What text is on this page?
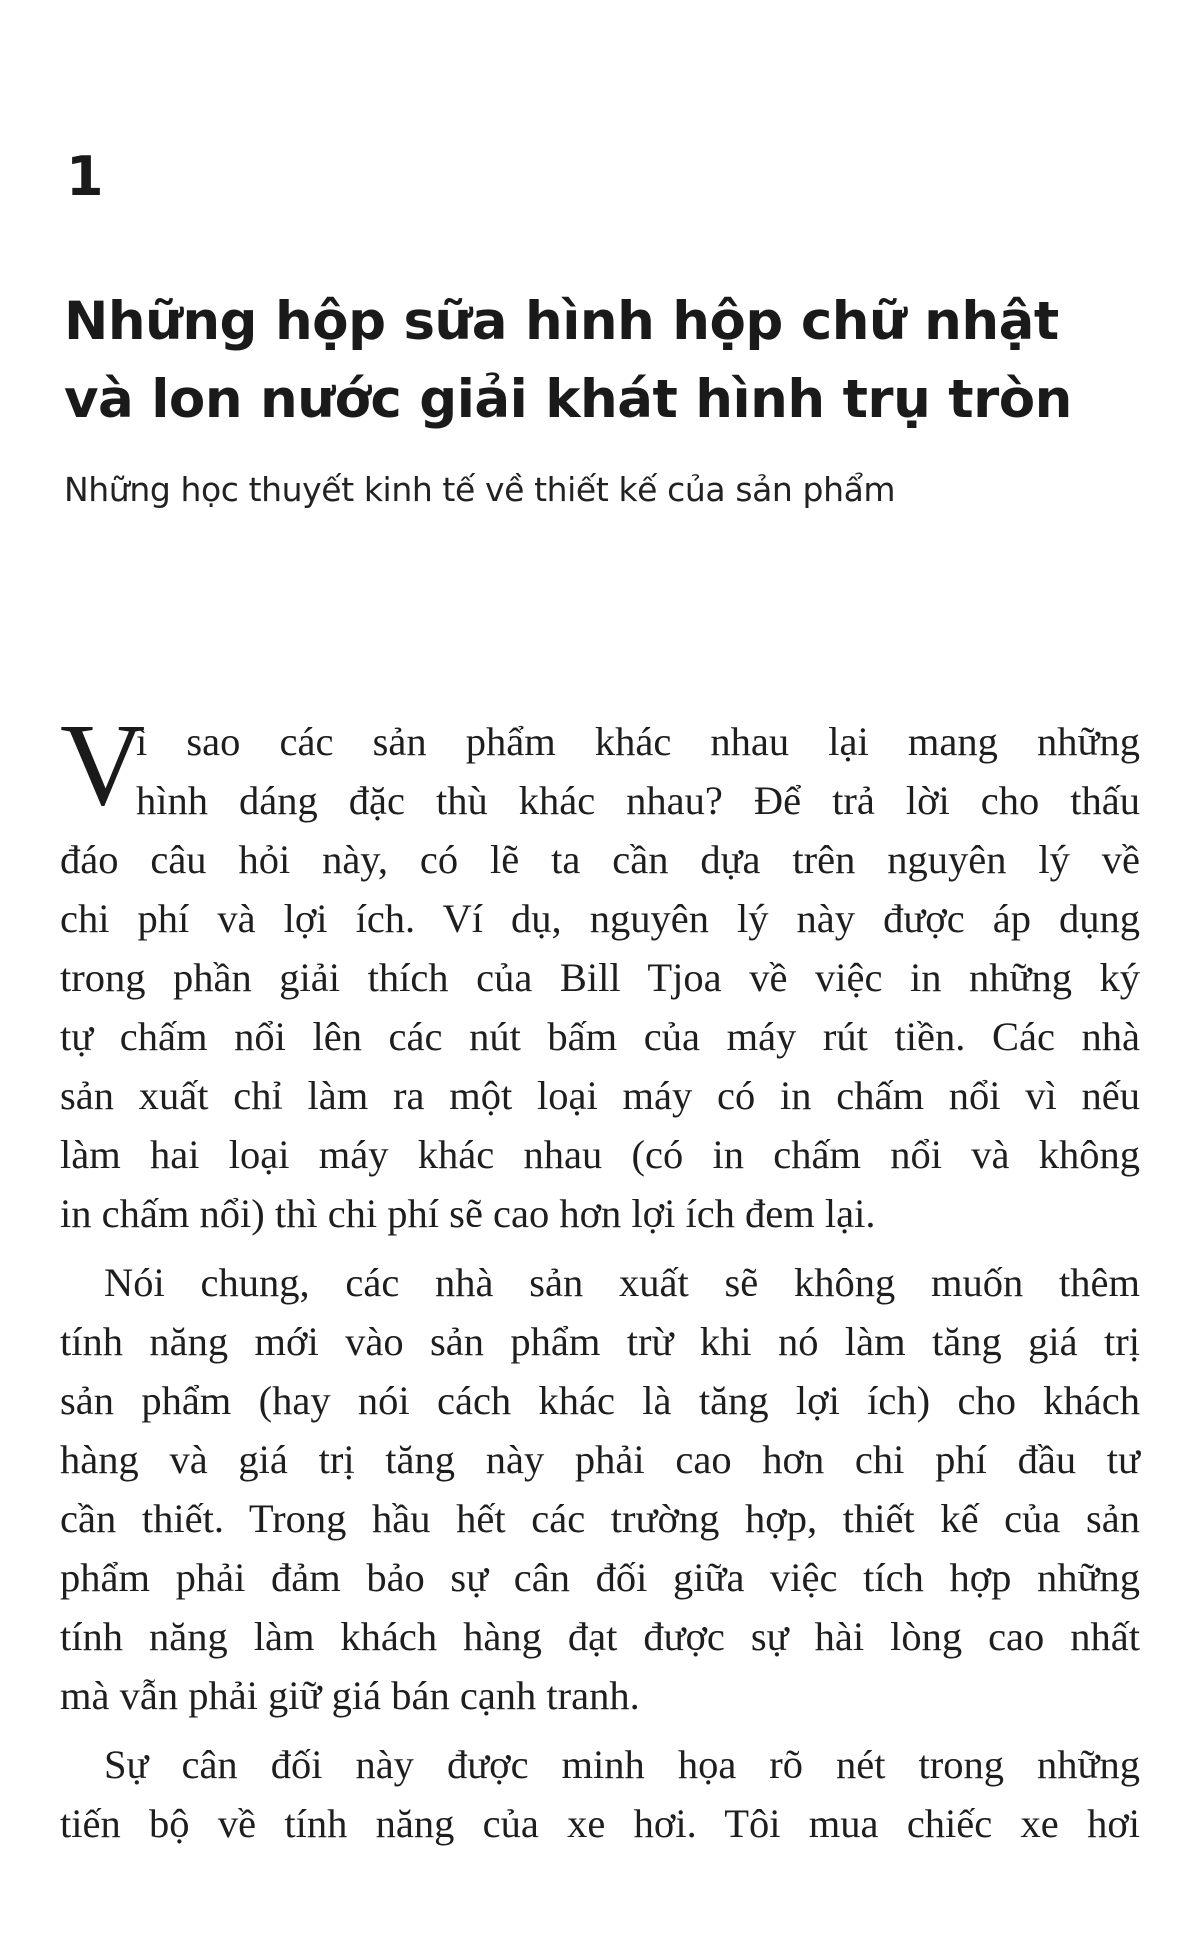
1
Những hộp sữa hình hộp chữ nhật
và lon nước giải khát hình trụ tròn
Những học thuyết kinh tế về thiết kế của sản phẩm
V
ì sao các sản phẩm khác nhau lại mang những
hình dáng đặc thù khác nhau? Để trả lời cho thấu
đáo câu hỏi này, có lẽ ta cần dựa trên nguyên lý về
chi phí và lợi ích. Ví dụ, nguyên lý này được áp dụng
trong phần giải thích của Bill Tjoa về việc in những ký
tự chấm nổi lên các nút bấm của máy rút tiền. Các nhà
sản xuất chỉ làm ra một loại máy có in chấm nổi vì nếu
làm hai loại máy khác nhau (có in chấm nổi và không
in chấm nổi) thì chi phí sẽ cao hơn lợi ích đem lại.
Nói chung, các nhà sản xuất sẽ không muốn thêm
tính năng mới vào sản phẩm trừ khi nó làm tăng giá trị
sản phẩm (hay nói cách khác là tăng lợi ích) cho khách
hàng và giá trị tăng này phải cao hơn chi phí đầu tư
cần thiết. Trong hầu hết các trường hợp, thiết kế của sản
phẩm phải đảm bảo sự cân đối giữa việc tích hợp những
tính năng làm khách hàng đạt được sự hài lòng cao nhất
mà vẫn phải giữ giá bán cạnh tranh.
Sự cân đối này được minh họa rõ nét trong những
tiến bộ về tính năng của xe hơi. Tôi mua chiếc xe hơi
